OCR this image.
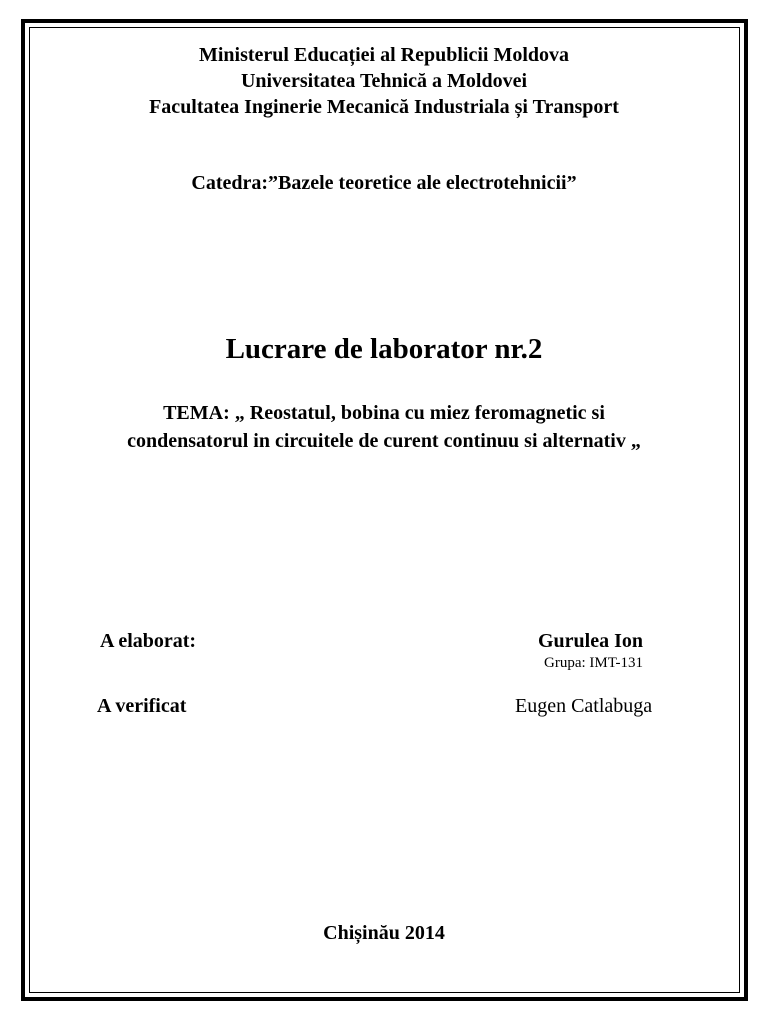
Ministerul Educației al Republicii Moldova
Universitatea Tehnică a Moldovei
Facultatea Inginerie Mecanică Industriala și Transport
Catedra:”Bazele teoretice ale electrotehnicii”
Lucrare de laborator nr.2
TEMA: „ Reostatul, bobina cu miez feromagnetic si
condensatorul in circuitele de curent continuu si alternativ „
A elaborat:	Gurulea Ion
Grupa: IMT-131
A verificat	Eugen Catlabuga
Chișinău 2014
